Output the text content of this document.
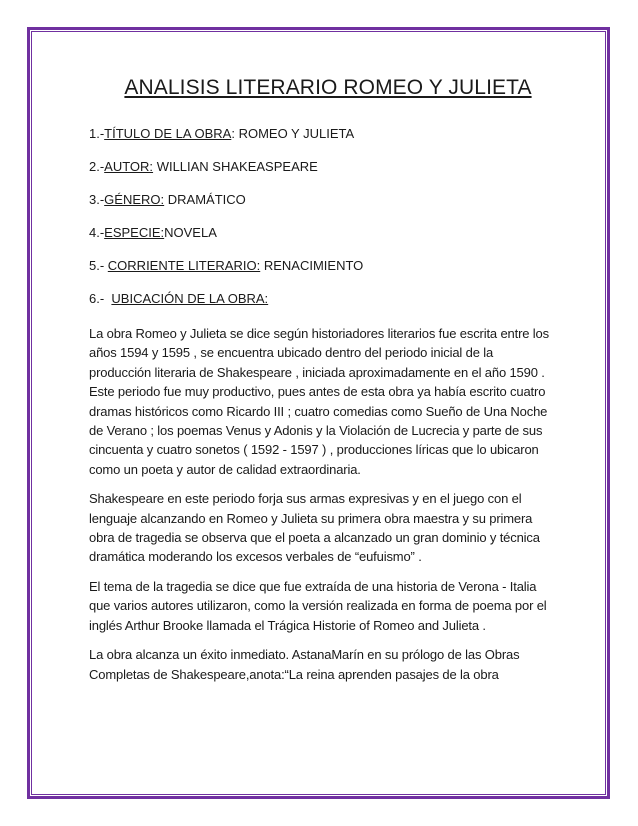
ANALISIS LITERARIO ROMEO Y JULIETA
1.-TÍTULO DE LA OBRA: ROMEO Y JULIETA
2.-AUTOR: WILLIAN SHAKEASPEARE
3.-GÉNERO: DRAMÁTICO
4.-ESPECIE:NOVELA
5.- CORRIENTE LITERARIO: RENACIMIENTO
6.-  UBICACIÓN DE LA OBRA:

La obra Romeo y Julieta se dice según historiadores literarios fue escrita entre los años 1594 y 1595 , se encuentra ubicado dentro del periodo inicial de la producción literaria de Shakespeare , iniciada aproximadamente en el año 1590 . Este periodo fue muy productivo, pues antes de esta obra ya había escrito cuatro dramas históricos como Ricardo III ; cuatro comedias como Sueño de Una Noche de Verano ; los poemas Venus y Adonis y la Violación de Lucrecia y parte de sus cincuenta y cuatro sonetos ( 1592 - 1597 ) , producciones líricas que lo ubicaron como un poeta y autor de calidad extraordinaria.

Shakespeare en este periodo forja sus armas expresivas y en el juego con el lenguaje alcanzando en Romeo y Julieta su primera obra maestra y su primera obra de tragedia se observa que el poeta a alcanzado un gran dominio y técnica dramática moderando los excesos verbales de “eufuismo” .

El tema de la tragedia se dice que fue extraída de una historia de Verona - Italia que varios autores utilizaron, como la versión realizada en forma de poema por el inglés Arthur Brooke llamada el Trágica Historie of Romeo and Julieta .

La obra alcanza un éxito inmediato. AstanaMarín en su prólogo de las Obras Completas de Shakespeare,anota:“La reina aprenden pasajes de la obra
